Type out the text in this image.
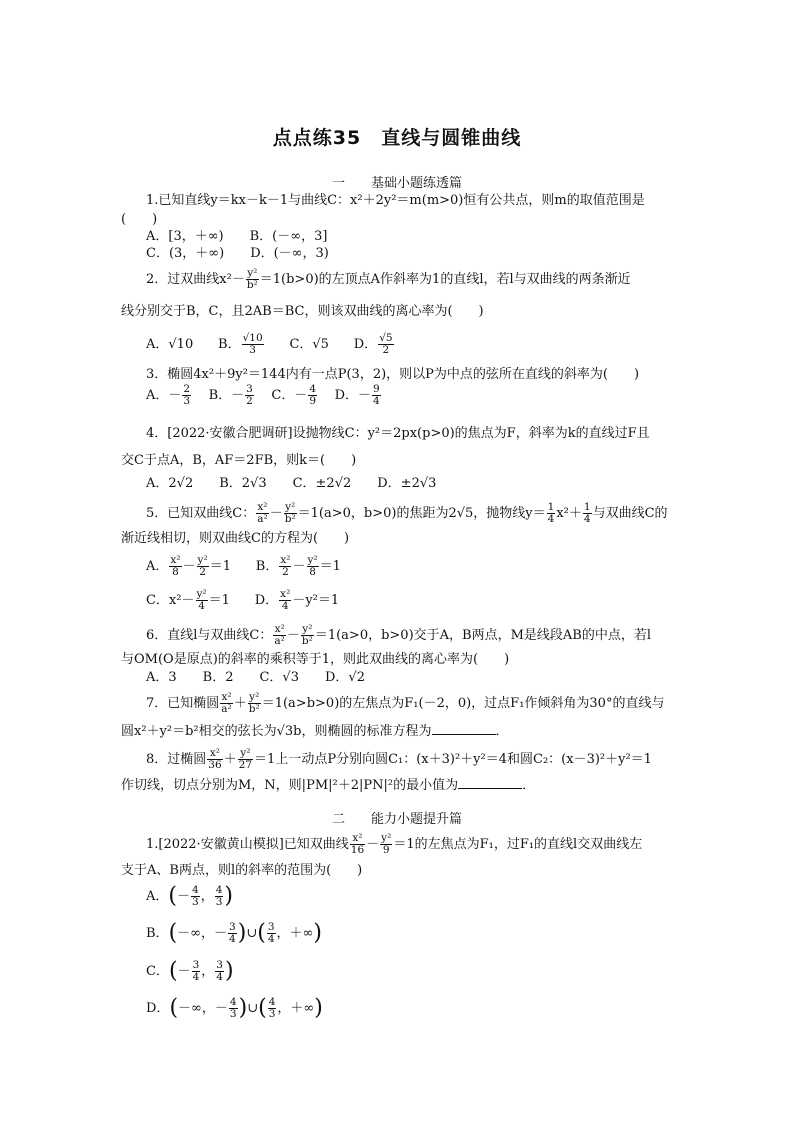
点点练35　直线与圆锥曲线
一　　基础小题练透篇
1.已知直线y＝kx－k－1与曲线C：x²＋2y²＝m(m>0)恒有公共点，则m的取值范围是
(　　)
A．[3，＋∞)　　B．(－∞，3]
C．(3，＋∞)　　D．(－∞，3)
2．过双曲线$x^2- \frac{\text{y²}}{\text{b²}} =1(b>0)$的左顶点A作斜率为1的直线l，若l与双曲线的两条渐近
线分别交于B，C，且2AB＝BC，则该双曲线的离心率为(　　)
A．√10 B． $\frac{√10}{3}$ C．√5 D． $\frac{√5}{2}$
3．椭圆4x²＋9y²＝144内有一点P(3，2)，则以P为中点的弦所在直线的斜率为(　　)
A．－ $\frac{2}{3}$ B．－ $\frac{3}{2}$ C．－ $\frac{4}{9}$ D．－ $\frac{9}{4}$
4．[2022·安徽合肥调研]设抛物线C：y²＝2px(p>0)的焦点为F，斜率为k的直线过F且
交C于点A，B，AF＝2FB，则k＝(　　)
A．2√2　　B．2√3　　C．±2√2　　D．±2√3
5．已知双曲线C： $\frac{\text{x²}}{\text{a²}} - \frac{\text{y²}}{\text{b²}} =1(a>0$，b>0)的焦距为2√5，抛物线$y= \frac{1}{4} x^2+ \frac{1}{4}$ 与双曲线C的
渐近线相切，则双曲线C的方程为(　　)
A． $\frac{\text{x²}}{8} - \frac{\text{y²}}{2} =1$ B． $\frac{\text{x²}}{2} - \frac{\text{y²}}{8} =1$
C．$x^2- \frac{\text{y²}}{4} =1$ D． $\frac{\text{x²}}{4} -y^2=1$
6．直线l与双曲线C： $\frac{\text{x²}}{\text{a²}} - \frac{\text{y²}}{\text{b²}} =1(a>0$，b>0)交于A，B两点，M是线段AB的中点，若l
与OM(O是原点)的斜率的乘积等于1，则此双曲线的离心率为(　　)
A．3　　B．2　　C．√3　　D．√2
7．已知椭圆 $\frac{\text{x²}}{\text{a²}} + \frac{\text{y²}}{\text{b²}} =1(a>b>0)$的左焦点为F₁(－2，0)，过点F₁作倾斜角为30°的直线与
圆x²＋y²＝b²相交的弦长为√3b，则椭圆的标准方程为	．
8．过椭圆 $\frac{\text{x²}}{36} + \frac{\text{y²}}{27} =1$上一动点P分别向圆C₁：(x＋3)²＋y²＝4和圆C₂：(x－3)²＋y²＝1
作切线，切点分别为M，N，则|PM|²＋2|PN|²的最小值为	．
二　　能力小题提升篇
1.[2022·安徽黄山模拟]已知双曲线 $\frac{\text{x²}}{16} - \frac{\text{y²}}{9} =1$的左焦点为F₁，过F₁的直线l交双曲线左
支于A、B两点，则l的斜率的范围为(　　)
A．(－ $\frac{4}{3}$ ， $\frac{4}{3}$ )
B．(－∞，－ $\frac{3}{4}$ )∪( $\frac{3}{4}$ ，＋∞)
C．(－ $\frac{3}{4}$ ， $\frac{3}{4}$ )
D．(－∞，－ $\frac{4}{3}$ )∪( $\frac{4}{3}$ ，＋∞)
